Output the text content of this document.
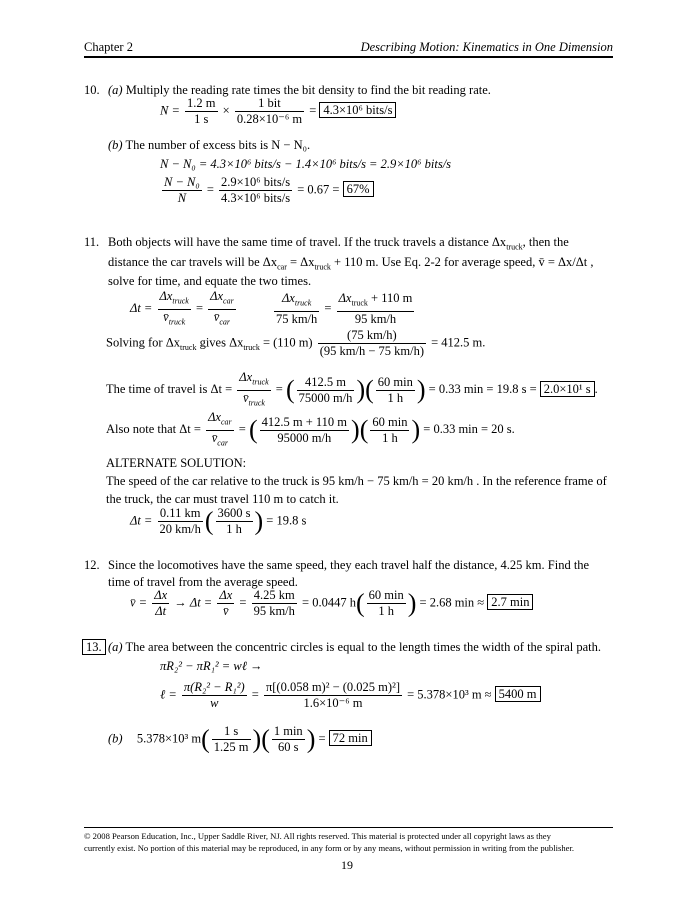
Chapter 2	Describing Motion: Kinematics in One Dimension
10. (a) Multiply the reading rate times the bit density to find the bit reading rate.
$N = \frac{1.2 m}{1 s} \times \frac{\text{1 bit}}{\text{0.28×10⁻⁶ m}} = 4.3\times 10^6$ bits/s
(b) The number of excess bits is N − N₀.
N − N₀ = 4.3×10⁶ bits/s − 1.4×10⁶ bits/s = 2.9×10⁶ bits/s
$\frac{\text{N − N₀}}{N} = \frac{\text{2.9×10⁶ bits/s}}{\text{4.3×10⁶ bits/s}} = 0.67 = 67\%$
11. Both objects will have the same time of travel. If the truck travels a distance $\Delta x_{truck}$, then the
distance the car travels will be $\Delta x_{car} = \Delta x_{truck} + 110$ m. Use Eq. 2-2 for average speed, v̄ = Δx/Δt ,
solve for time, and equate the two times.
$\Delta t = \frac{\Delta x_{truck}}{v̄_{truck}} = \frac{\Delta x_{car}}{v̄_{car}}$
	$\frac{\Delta x_{truck}}{75 km/h} = \frac{\Delta x_{truck} + 110 m}{95 km/h}$
Solving for $\Delta x_{truck}$ gives $\Delta x_{truck} = (110$ $m) \frac{(75 km/h)}{(95 km/h - 75 km/h)} = 412.5$ m.
The time of travel is $\Delta t = \frac{\Delta x_{truck}}{v̄_{truck}}$ = ( $\frac{412.5 m}{75000 m/h}$ )( $\frac{60 \min}{1 h}$ ) = 0.33 min = 19.8 s = 2.0×10¹ s .
Also note that $\Delta t = \frac{\Delta x_{car}}{v̄_{car}}$ = ( $\frac{412.5 m + 110 m}{95000 m/h}$ )( $\frac{60 \min}{1 h}$ ) = 0.33 min = 20 s.
ALTERNATE SOLUTION:
The speed of the car relative to the truck is 95 km/h − 75 km/h = 20 km/h . In the reference frame of
the truck, the car must travel 110 m to catch it.
$\Delta t = \frac{0.11 km}{20 km/h}$ ( $\frac{3600 s}{1 h}$ ) = 19.8 s
12. Since the locomotives have the same speed, they each travel half the distance, 4.25 km. Find the
time of travel from the average speed.
v̄ = $\frac{\Delta x}{\Delta t} \to \Delta t = \frac{\Delta x}{v̄} = \frac{4.25 km}{95 km/h} = 0.0447$ $h( \frac{60 \min}{1 h}$ ) = 2.68 min ≈ 2.7 min
13. (a) The area between the concentric circles is equal to the length times the width of the spiral path.
πR₂² − πR₁² = wℓ →
ℓ = $\frac{\text{π(R₂² − R₁²)}}{w} = \frac{\text{π[(0.058 m)² − (0.025 m)²]}}{\text{1.6×10⁻⁶ m}} = 5.378\times 10^3$ m ≈ 5400 m
(b) 5.378×10³ $m( \frac{1 s}{1.25 m}$ )( $\frac{1 \min}{60 s}$ ) = 72 min
© 2008 Pearson Education, Inc., Upper Saddle River, NJ. All rights reserved. This material is protected under all copyright laws as they
currently exist. No portion of this material may be reproduced, in any form or by any means, without permission in writing from the publisher.
19
